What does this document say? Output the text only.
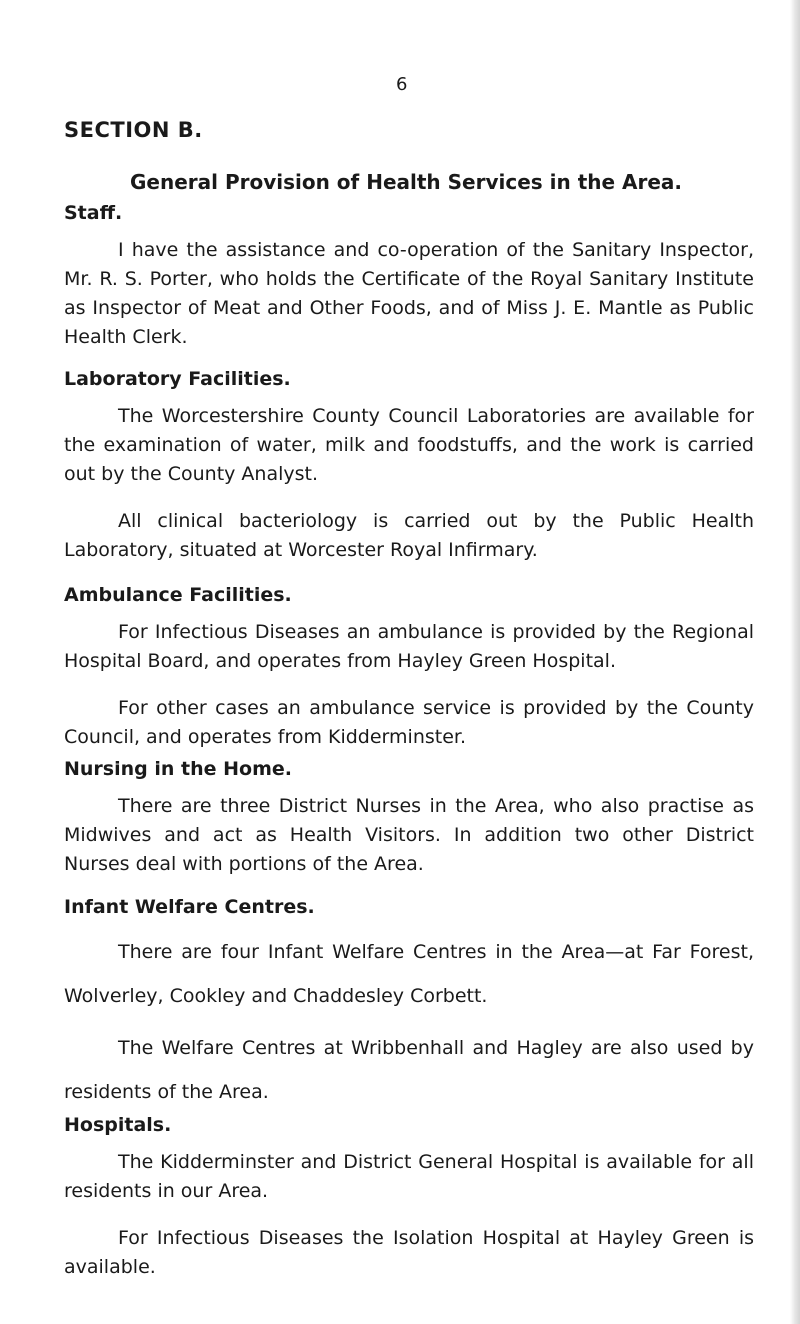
6
SECTION B.
General Provision of Health Services in the Area.

Staff.

I have the assistance and co-operation of the Sanitary Inspector, Mr. R. S. Porter, who holds the Certificate of the Royal Sanitary Institute as Inspector of Meat and Other Foods, and of Miss J. E. Mantle as Public Health Clerk.

Laboratory Facilities.

The Worcestershire County Council Laboratories are available for the examination of water, milk and foodstuffs, and the work is carried out by the County Analyst.

All clinical bacteriology is carried out by the Public Health Laboratory, situated at Worcester Royal Infirmary.

Ambulance Facilities.

For Infectious Diseases an ambulance is provided by the Regional Hospital Board, and operates from Hayley Green Hospital.

For other cases an ambulance service is provided by the County Council, and operates from Kidderminster.

Nursing in the Home.

There are three District Nurses in the Area, who also practise as Midwives and act as Health Visitors. In addition two other District Nurses deal with portions of the Area.

Infant Welfare Centres.

There are four Infant Welfare Centres in the Area—at Far Forest, Wolverley, Cookley and Chaddesley Corbett.

The Welfare Centres at Wribbenhall and Hagley are also used by residents of the Area.

Hospitals.

The Kidderminster and District General Hospital is available for all residents in our Area.

For Infectious Diseases the Isolation Hospital at Hayley Green is available.
